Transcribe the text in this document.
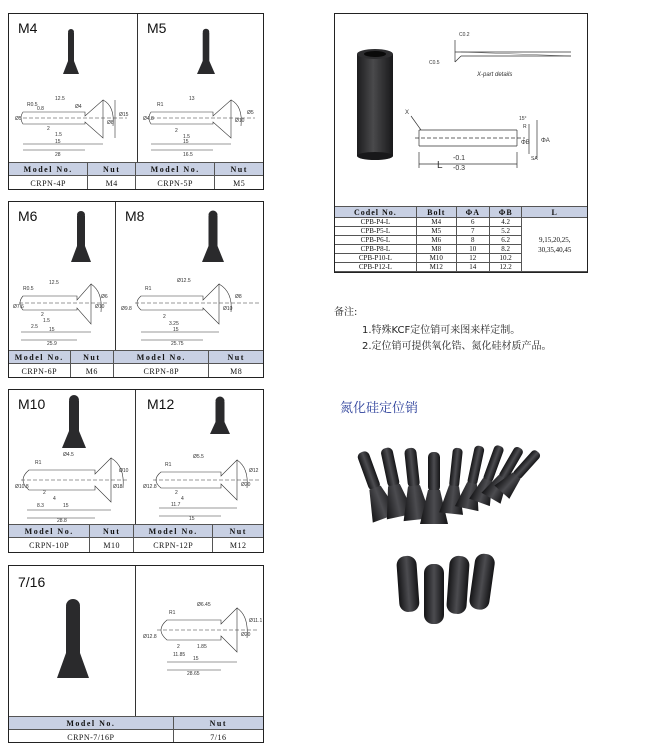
M4	M5
12.5
R0.5
0.8
2
1.5
15
28
Ø5
Ø8
Ø15
Ø4
13
R1
Ø4.8
2
1.5
15
16.5
Ø10
Ø5
Model No.	Nut	Model No.	Nut
CRPN-4P	M4	CRPN-5P	M5
M6	M8
12.5
R0.5
Ø7.6
2
1.5
2.5 15
25.9
Ø10
Ø6
Ø12.5
R1
Ø9.8
2
3.25
15
25.75
Ø10
Ø8
Model No.	Nut	Model No.	Nut
CRPN-6P	M6	CRPN-8P	M8
M10	M12
Ø4.5
R1
Ø10.8
2
4
8.3	15
28.8
Ø18
Ø10
Ø5.5
R1
Ø12.8
2
4
11.7
15
Ø20
Ø12
Model No.	Nut	Model No.	Nut
CRPN-10P	M10	CRPN-12P	M12
7/16
Ø6.45
R1
Ø12.8
1.85
2
11.85
15
28.65
Ø20
Ø11.1
Model No.	Nut
CRPN-7/16P	7/16
C0.2
C0.5
X-part details
X
-0.1
-0.3
L
ΦA
ΦB
R
15°
SA
Codel No.	Bolt	ΦA	ΦB	L
CPB-P4-L	M4	6	4.2	9,15,20,25,
30,35,40,45

CPB-P5-L	M5	7	5.2	
CPB-P6-L	M6	8	6.2	
CPB-P8-L	M8	10	8.2	
CPB-P10-L	M10	12	10.2	
CPB-P12-L	M12	14	12.2	
备注:
1.特殊KCF定位销可来图来样定制。
2.定位销可提供氧化锆、氮化硅材质产品。
氮化硅定位销
